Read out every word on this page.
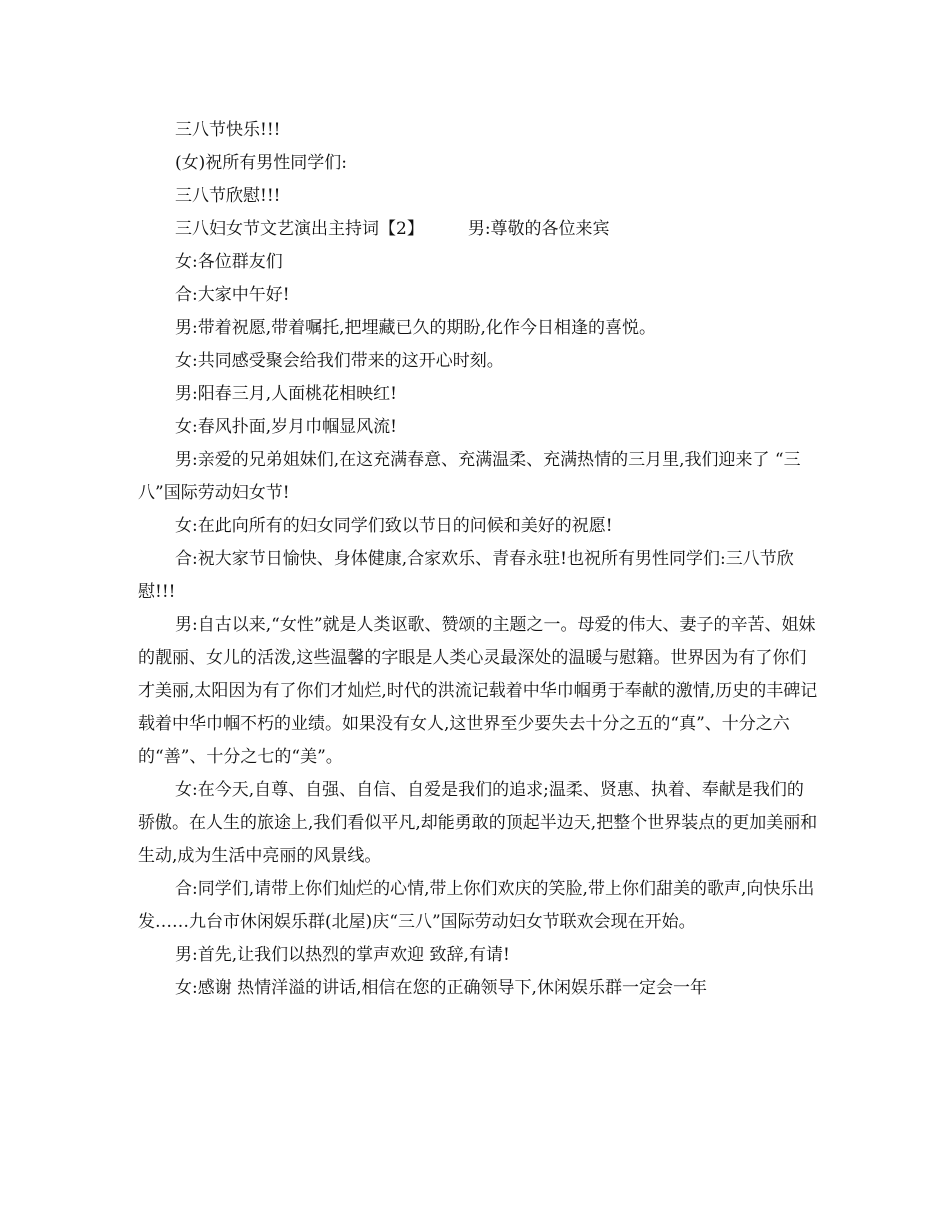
三八节快乐!!!

(女)祝所有男性同学们:

三八节欣慰!!!

三八妇女节文艺演出主持词【2】	男:尊敬的各位来宾

女:各位群友们

合:大家中午好!

男:带着祝愿,带着嘱托,把埋藏已久的期盼,化作今日相逢的喜悦。

女:共同感受聚会给我们带来的这开心时刻。

男:阳春三月,人面桃花相映红!

女:春风扑面,岁月巾帼显风流!

男:亲爱的兄弟姐妹们,在这充满春意、充满温柔、充满热情的三月里,我们迎来了 “三八”国际劳动妇女节!

女:在此向所有的妇女同学们致以节日的问候和美好的祝愿!

合:祝大家节日愉快、身体健康,合家欢乐、青春永驻!也祝所有男性同学们:三八节欣慰!!!

男:自古以来,“女性”就是人类讴歌、赞颂的主题之一。母爱的伟大、妻子的辛苦、姐妹的靓丽、女儿的活泼,这些温馨的字眼是人类心灵最深处的温暖与慰籍。世界因为有了你们才美丽,太阳因为有了你们才灿烂,时代的洪流记载着中华巾帼勇于奉献的激情,历史的丰碑记载着中华巾帼不朽的业绩。如果没有女人,这世界至少要失去十分之五的“真”、十分之六的“善”、十分之七的“美”。

女:在今天,自尊、自强、自信、自爱是我们的追求;温柔、贤惠、执着、奉献是我们的骄傲。在人生的旅途上,我们看似平凡,却能勇敢的顶起半边天,把整个世界装点的更加美丽和生动,成为生活中亮丽的风景线。

合:同学们,请带上你们灿烂的心情,带上你们欢庆的笑脸,带上你们甜美的歌声,向快乐出发……九台市休闲娱乐群(北屋)庆“三八”国际劳动妇女节联欢会现在开始。

男:首先,让我们以热烈的掌声欢迎 致辞,有请!

女:感谢 热情洋溢的讲话,相信在您的正确领导下,休闲娱乐群一定会一年
